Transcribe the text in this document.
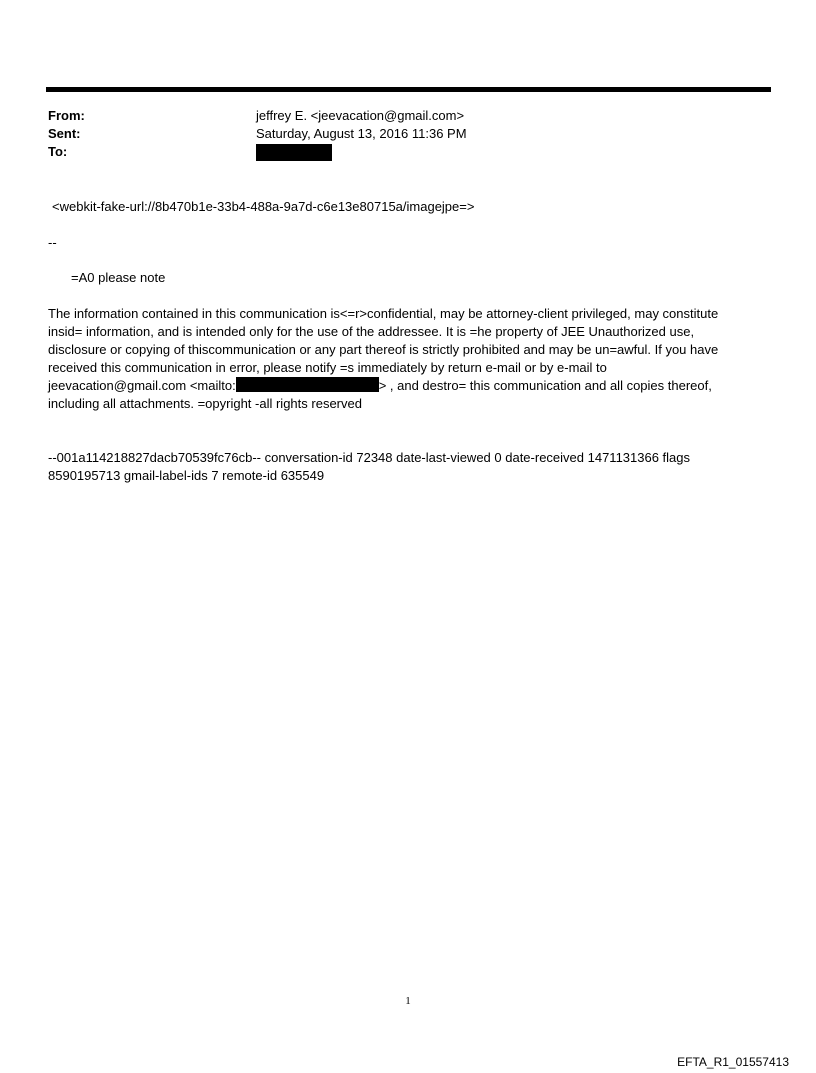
From:	jeffrey E. <jeevacation@gmail.com>
Sent:	Saturday, August 13, 2016 11:36 PM
To:
<webkit-fake-url://8b470b1e-33b4-488a-9a7d-c6e13e80715a/imagejpe=>
--
=A0 please note
The information contained in this communication is<=r>confidential, may be attorney-client privileged, may constitute
insid= information, and is intended only for the use of the addressee. It is =he property of JEE Unauthorized use,
disclosure or copying of thiscommunication or any part thereof is strictly prohibited and may be un=awful. If you have
received this communication in error, please notify =s immediately by return e-mail or by e-mail to
jeevacation@gmail.com <mailto:	> , and destro= this communication and all copies thereof,
including all attachments. =opyright -all rights reserved
--001a114218827dacb70539fc76cb-- conversation-id 72348 date-last-viewed 0 date-received 1471131366 flags
8590195713 gmail-label-ids 7 remote-id 635549
1
EFTA_R1_01557413
